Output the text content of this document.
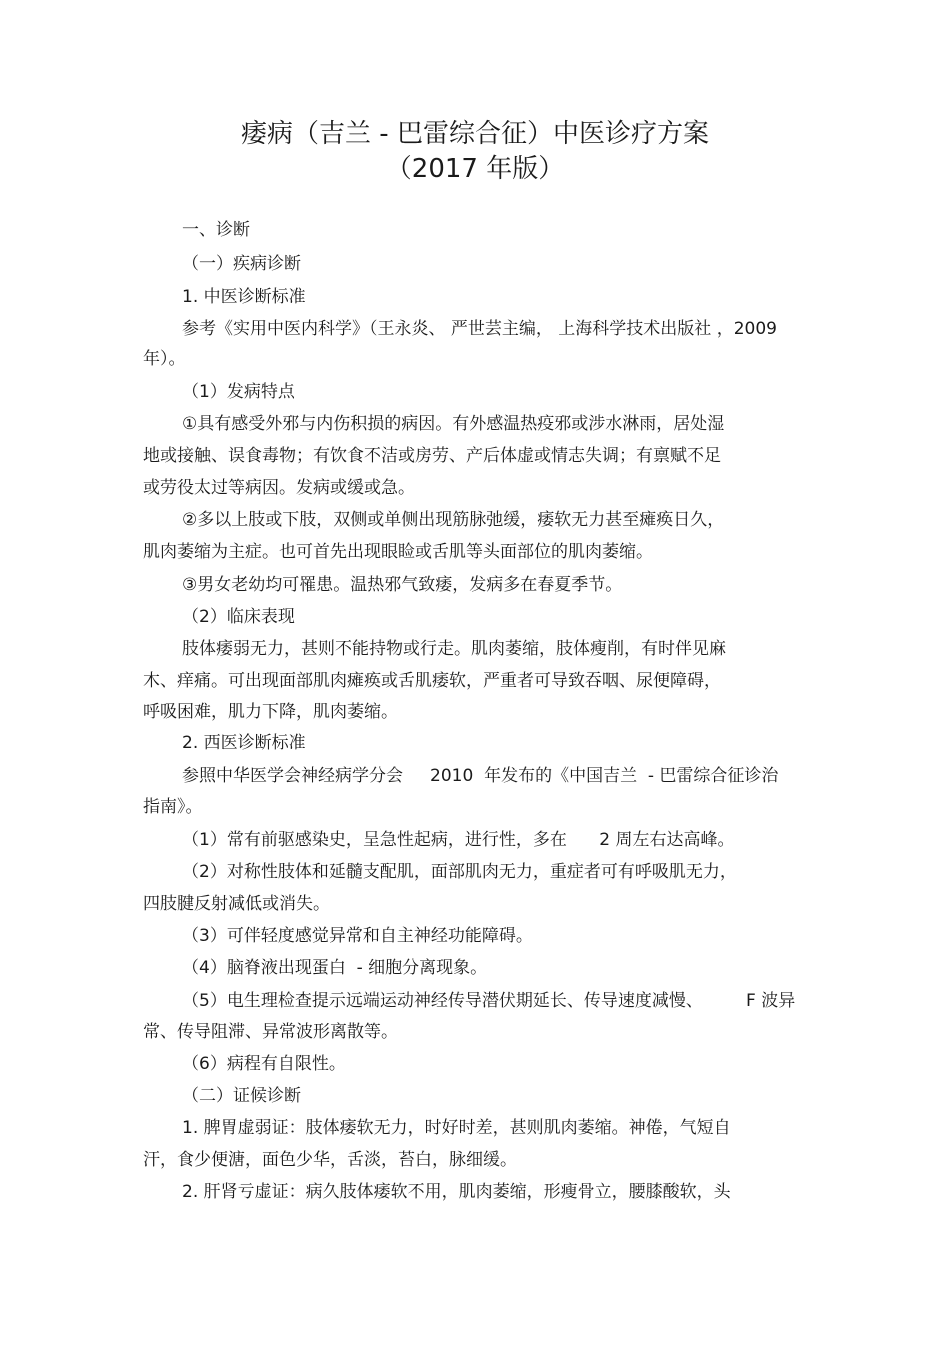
痿病（吉兰 - 巴雷综合征）中医诊疗方案
（2017 年版）
一、诊断
（一）疾病诊断
1. 中医诊断标准
参考《实用中医内科学》（王永炎、 严世芸主编， 上海科学技术出版社 ，2009
年）。
（1）发病特点
①具有感受外邪与内伤积损的病因。有外感温热疫邪或涉水淋雨，居处湿
地或接触、误食毒物；有饮食不洁或房劳、产后体虚或情志失调；有禀赋不足
或劳役太过等病因。发病或缓或急。
②多以上肢或下肢，双侧或单侧出现筋脉弛缓，痿软无力甚至瘫痪日久，
肌肉萎缩为主症。也可首先出现眼睑或舌肌等头面部位的肌肉萎缩。
③男女老幼均可罹患。温热邪气致痿，发病多在春夏季节。
（2）临床表现
肢体痿弱无力，甚则不能持物或行走。肌肉萎缩，肢体瘦削，有时伴见麻
木、痒痛。可出现面部肌肉瘫痪或舌肌痿软，严重者可导致吞咽、尿便障碍，
呼吸困难，肌力下降，肌肉萎缩。
2. 西医诊断标准
参照中华医学会神经病学分会     2010  年发布的《中国吉兰  - 巴雷综合征诊治
指南》。
（1）常有前驱感染史，呈急性起病，进行性，多在      2 周左右达高峰。
（2）对称性肢体和延髓支配肌，面部肌肉无力，重症者可有呼吸肌无力，
四肢腱反射减低或消失。
（3）可伴轻度感觉异常和自主神经功能障碍。
（4）脑脊液出现蛋白  - 细胞分离现象。
（5）电生理检查提示远端运动神经传导潜伏期延长、传导速度减慢、        F 波异
常、传导阻滞、异常波形离散等。
（6）病程有自限性。
（二）证候诊断
1. 脾胃虚弱证：肢体痿软无力，时好时差，甚则肌肉萎缩。神倦，气短自
汗，食少便溏，面色少华，舌淡，苔白，脉细缓。
2. 肝肾亏虚证：病久肢体痿软不用，肌肉萎缩，形瘦骨立，腰膝酸软，头
